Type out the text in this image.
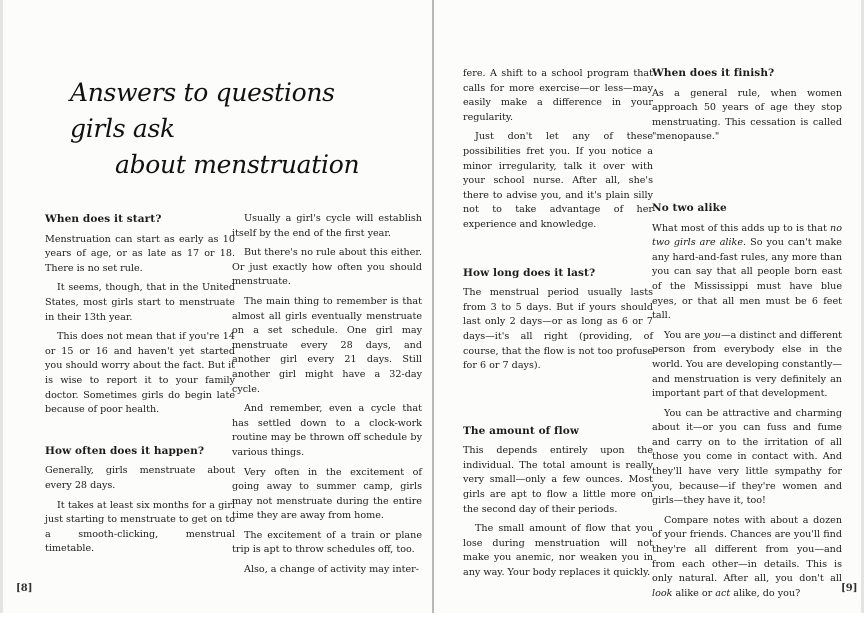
Answers to questions girls ask
about menstruation
When does it start?

Menstruation can start as early as 10 years of age, or as late as 17 or 18. There is no set rule.

It seems, though, that in the United States, most girls start to menstruate in their 13th year.

This does not mean that if you're 14 or 15 or 16 and haven't yet started you should worry about the fact. But it is wise to report it to your family doctor. Sometimes girls do begin late because of poor health.

How often does it happen?

Generally, girls menstruate about every 28 days.

It takes at least six months for a girl just starting to menstruate to get on to a smooth-clicking, menstrual timetable.

Usually a girl's cycle will establish itself by the end of the first year.

But there's no rule about this either. Or just exactly how often you should menstruate.

The main thing to remember is that almost all girls eventually menstruate on a set schedule. One girl may menstruate every 28 days, and another girl every 21 days. Still another girl might have a 32-day cycle.

And remember, even a cycle that has settled down to a clock-work routine may be thrown off schedule by various things.

Very often in the excitement of going away to summer camp, girls may not menstruate during the entire time they are away from home.

The excitement of a train or plane trip is apt to throw schedules off, too.

Also, a change of activity may inter-

fere. A shift to a school program that calls for more exercise—or less—may easily make a difference in your regularity.

Just don't let any of these possibilities fret you. If you notice a minor irregularity, talk it over with your school nurse. After all, she's there to advise you, and it's plain silly not to take advantage of her experience and knowledge.

How long does it last?

The menstrual period usually lasts from 3 to 5 days. But if yours should last only 2 days—or as long as 6 or 7 days—it's all right (providing, of course, that the flow is not too profuse for 6 or 7 days).

The amount of flow

This depends entirely upon the individual. The total amount is really very small—only a few ounces. Most girls are apt to flow a little more on the second day of their periods.

The small amount of flow that you lose during menstruation will not make you anemic, nor weaken you in any way. Your body replaces it quickly.

When does it finish?

As a general rule, when women approach 50 years of age they stop menstruating. This cessation is called "menopause."

No two alike

What most of this adds up to is that no two girls are alike. So you can't make any hard-and-fast rules, any more than you can say that all people born east of the Mississippi must have blue eyes, or that all men must be 6 feet tall.

You are you—a distinct and different person from everybody else in the world. You are developing constantly—and menstruation is very definitely an important part of that development.

You can be attractive and charming about it—or you can fuss and fume and carry on to the irritation of all those you come in contact with. And they'll have very little sympathy for you, because—if they're women and girls—they have it, too!

Compare notes with about a dozen of your friends. Chances are you'll find they're all different from you—and from each other—in details. This is only natural. After all, you don't all look alike or act alike, do you?

[8]	[9]
